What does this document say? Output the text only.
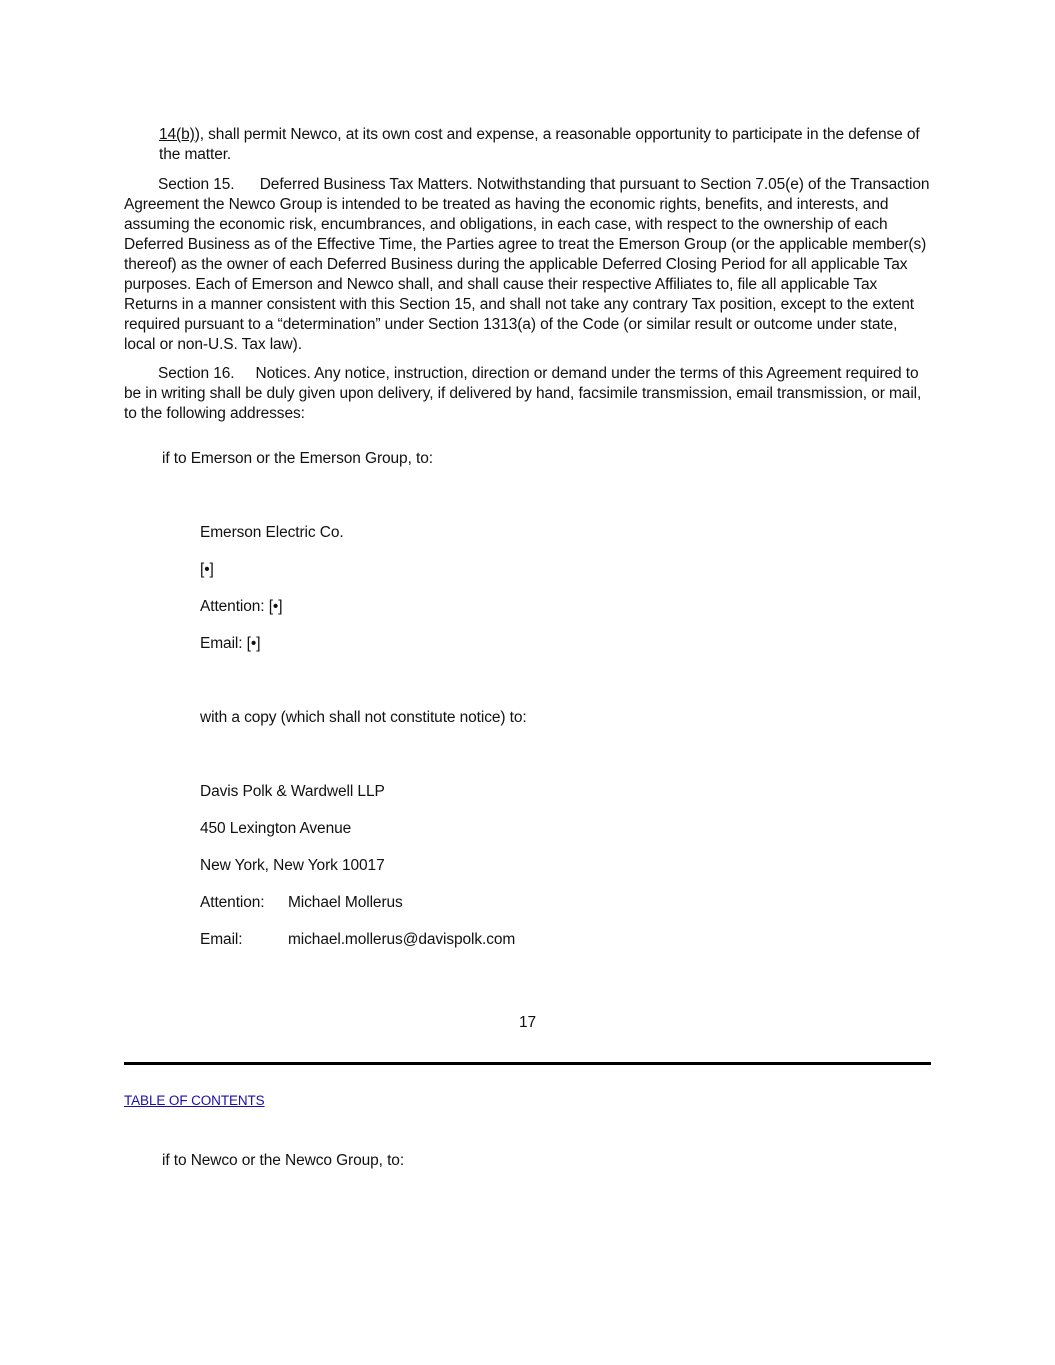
14(b)), shall permit Newco, at its own cost and expense, a reasonable opportunity to participate in the defense of the matter.

Section 15. Deferred Business Tax Matters. Notwithstanding that pursuant to Section 7.05(e) of the Transaction Agreement the Newco Group is intended to be treated as having the economic rights, benefits, and interests, and assuming the economic risk, encumbrances, and obligations, in each case, with respect to the ownership of each Deferred Business as of the Effective Time, the Parties agree to treat the Emerson Group (or the applicable member(s) thereof) as the owner of each Deferred Business during the applicable Deferred Closing Period for all applicable Tax purposes. Each of Emerson and Newco shall, and shall cause their respective Affiliates to, file all applicable Tax Returns in a manner consistent with this Section 15, and shall not take any contrary Tax position, except to the extent required pursuant to a “determination” under Section 1313(a) of the Code (or similar result or outcome under state, local or non-U.S. Tax law).

Section 16. Notices. Any notice, instruction, direction or demand under the terms of this Agreement required to be in writing shall be duly given upon delivery, if delivered by hand, facsimile transmission, email transmission, or mail, to the following addresses:

if to Emerson or the Emerson Group, to:
Emerson Electric Co.
[•]
Attention: [•]
Email: [•]
with a copy (which shall not constitute notice) to:
Davis Polk & Wardwell LLP
450 Lexington Avenue
New York, New York 10017
Attention: Michael Mollerus
Email:	michael.mollerus@davispolk.com
17
TABLE OF CONTENTS
if to Newco or the Newco Group, to:
